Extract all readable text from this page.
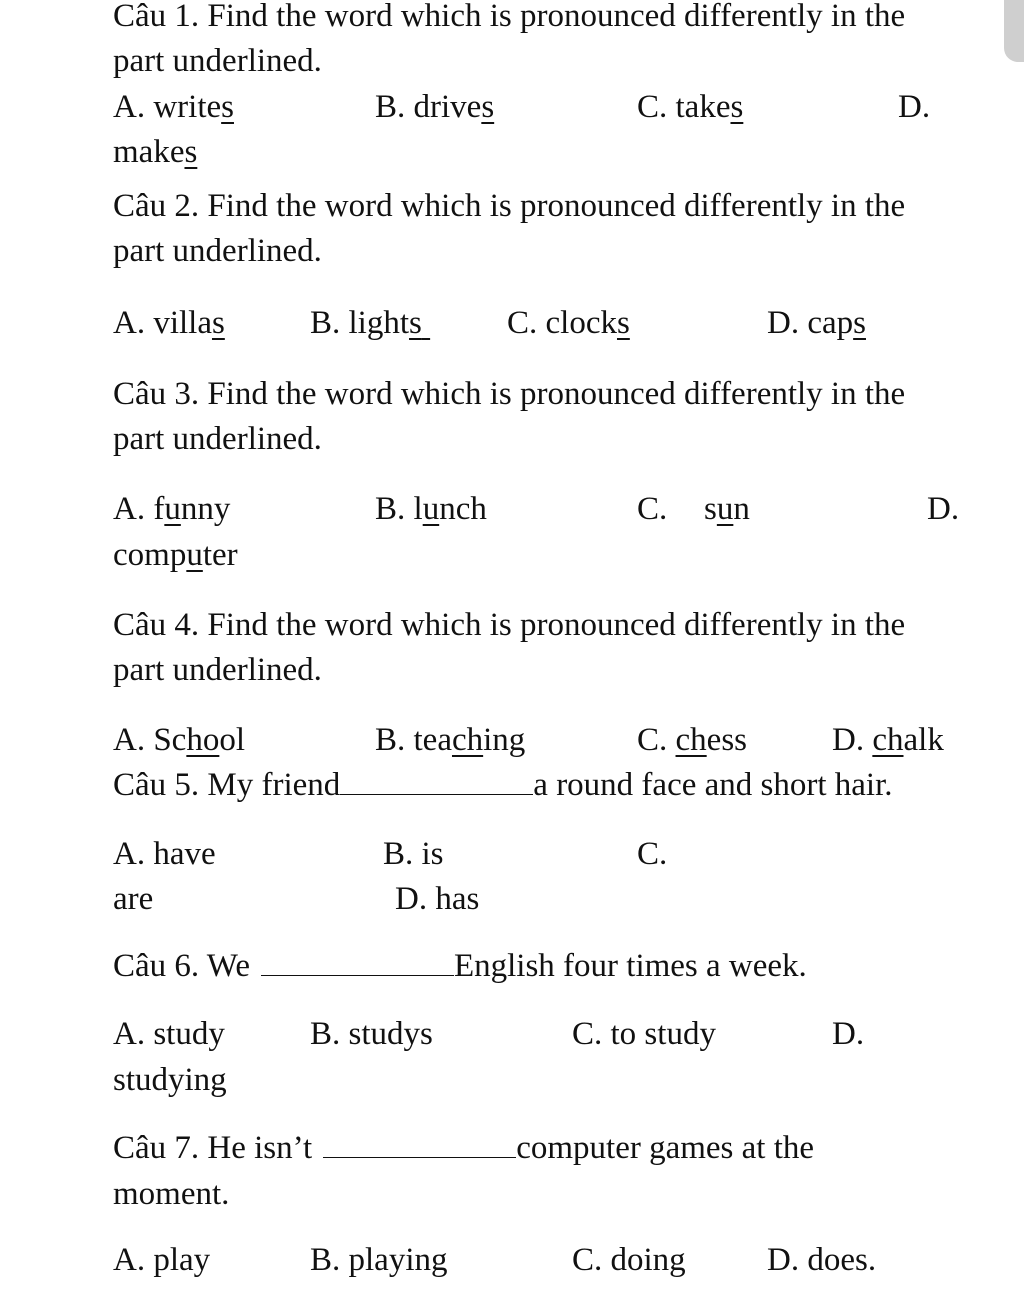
Câu 1. Find the word which is pronounced differently in the
part underlined.
A. writes	B. drives	C. takes	D.
makes
Câu 2. Find the word which is pronounced differently in the
part underlined.
A. villas	B. lights	C. clocks	D. caps
Câu 3. Find the word which is pronounced differently in the
part underlined.
A. funny	B. lunch	C. sun	D.
computer
Câu 4. Find the word which is pronounced differently in the
part underlined.
A. School	B. teaching	C. chess	D. chalk
Câu 5. My friend	a round face and short hair.
A. have	B. is	C.
are	D. has
Câu 6. We	English four times a week.
A. study	B. studys	C. to study	D.
studying
Câu 7. He isn’t	computer games at the
moment.
A. play	B. playing	C. doing D. does.
